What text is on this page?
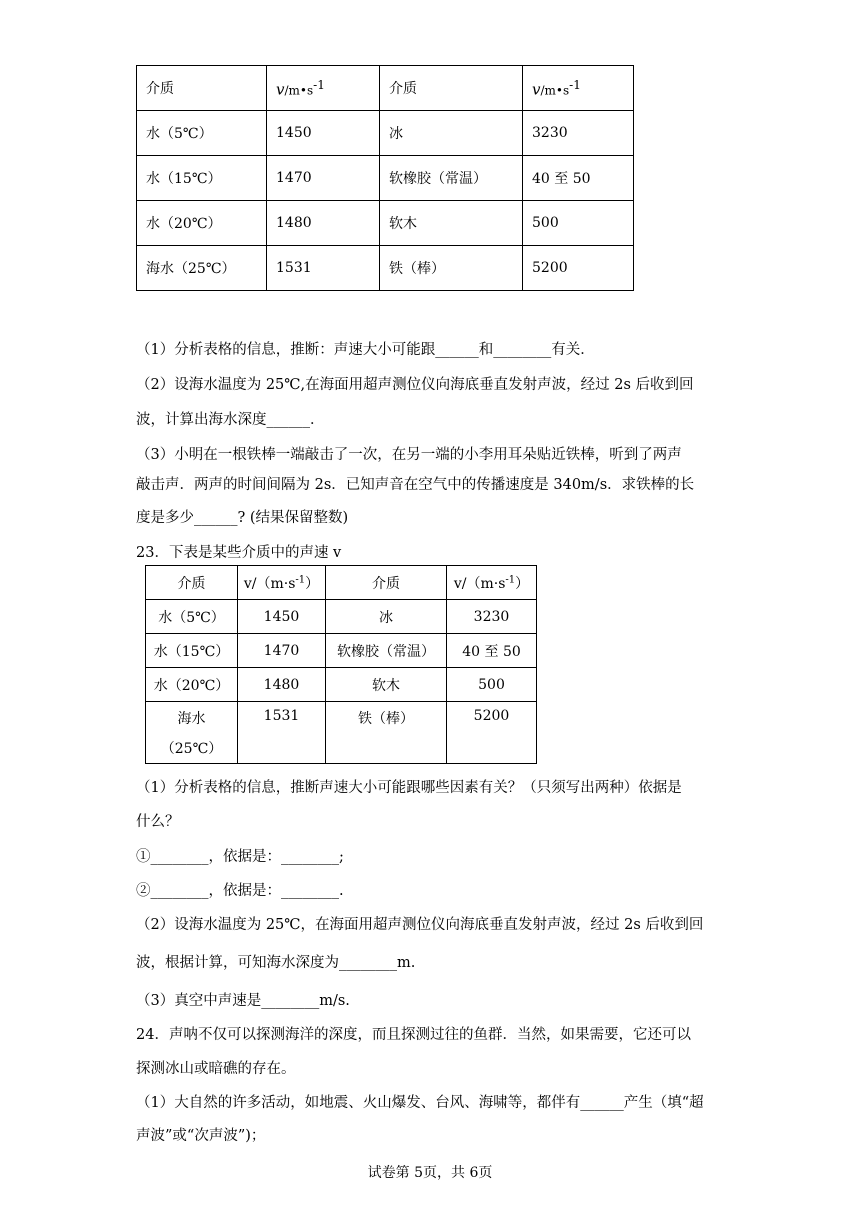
介质	$v/m•s^{-1}$	介质	$v/m•s^{-1}$
水（5℃）	1450	冰	3230
水（15℃）	1470	软橡胶（常温）	40 至 50
水（20℃）	1480	软木	500
海水（25℃）	1531	铁（棒）	5200
（1）分析表格的信息，推断：声速大小可能跟______和________有关．
（2）设海水温度为 25℃,在海面用超声测位仪向海底垂直发射声波，经过 2s 后收到回
波，计算出海水深度______．
（3）小明在一根铁棒一端敲击了一次，在另一端的小李用耳朵贴近铁棒，听到了两声
敲击声．两声的时间间隔为 2s．已知声音在空气中的传播速度是 340m/s．求铁棒的长
度是多少______? (结果保留整数)
23．下表是某些介质中的声速 v
介质	$v/(m\cdot s^{-1})$	介质	$v/(m\cdot s^{-1})$
水（5℃）	1450	冰	3230
水（15℃）	1470	软橡胶（常温）	40 至 50
水（20℃）	1480	软木	500

海水
（25℃）	1531	铁（棒）	5200
（1）分析表格的信息，推断声速大小可能跟哪些因素有关？（只须写出两种）依据是
什么？
①________，依据是：________;
②________，依据是：________.
（2）设海水温度为 25℃，在海面用超声测位仪向海底垂直发射声波，经过 2s 后收到回
波，根据计算，可知海水深度为________m.
（3）真空中声速是________m/s.
24．声呐不仅可以探测海洋的深度，而且探测过往的鱼群．当然，如果需要，它还可以
探测冰山或暗礁的存在。
（1）大自然的许多活动，如地震、火山爆发、台风、海啸等，都伴有______产生（填“超
声波”或“次声波”)；
试卷第 5页，共 6页
